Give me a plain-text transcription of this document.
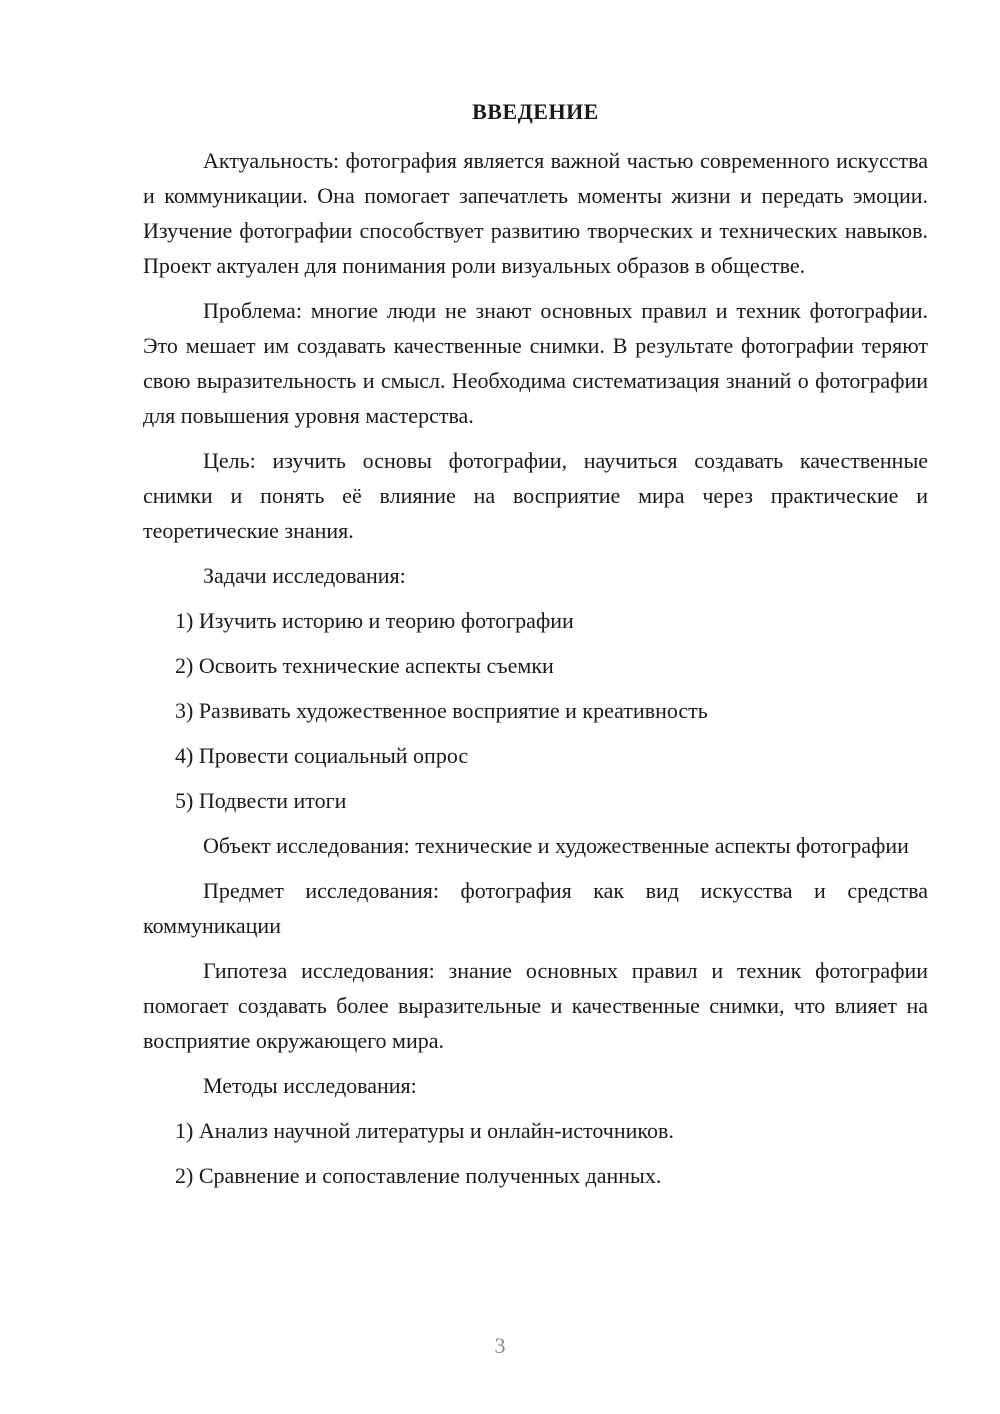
ВВЕДЕНИЕ

Актуальность: фотография является важной частью современного искусства и коммуникации. Она помогает запечатлеть моменты жизни и передать эмоции. Изучение фотографии способствует развитию творческих и технических навыков. Проект актуален для понимания роли визуальных образов в обществе.

Проблема: многие люди не знают основных правил и техник фотографии. Это мешает им создавать качественные снимки. В результате фотографии теряют свою выразительность и смысл. Необходима систематизация знаний о фотографии для повышения уровня мастерства.

Цель: изучить основы фотографии, научиться создавать качественные снимки и понять её влияние на восприятие мира через практические и теоретические знания.

Задачи исследования:

1) Изучить историю и теорию фотографии

2) Освоить технические аспекты съемки

3) Развивать художественное восприятие и креативность

4) Провести социальный опрос

5) Подвести итоги

Объект исследования: технические и художественные аспекты фотографии

Предмет исследования: фотография как вид искусства и средства коммуникации

Гипотеза исследования: знание основных правил и техник фотографии помогает создавать более выразительные и качественные снимки, что влияет на восприятие окружающего мира.

Методы исследования:

1) Анализ научной литературы и онлайн-источников.

2) Сравнение и сопоставление полученных данных.

3
